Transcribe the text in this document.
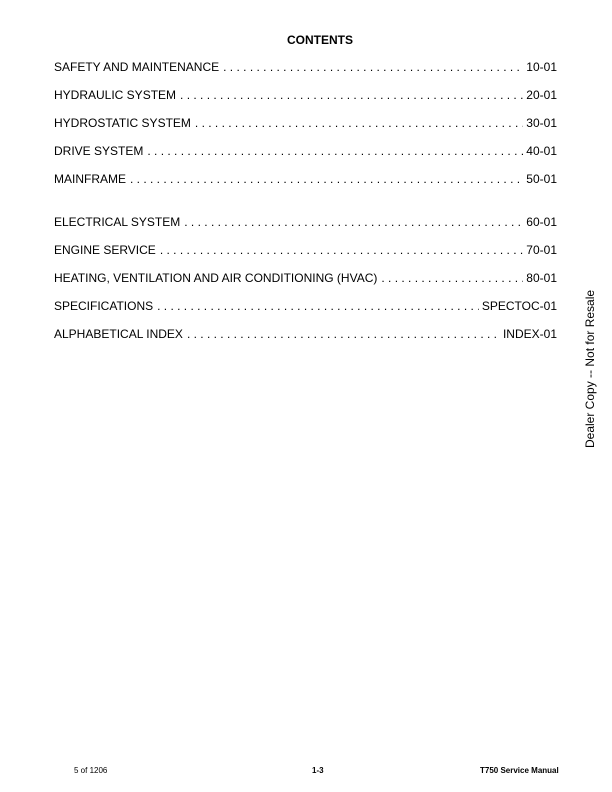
CONTENTS
SAFETY AND MAINTENANCE . . .	10-01
HYDRAULIC SYSTEM . . .	20-01
HYDROSTATIC SYSTEM . . .	30-01
DRIVE SYSTEM . . .	40-01
MAINFRAME . . .	50-01
ELECTRICAL SYSTEM . . .	60-01
ENGINE SERVICE . . .	70-01
HEATING, VENTILATION AND AIR CONDITIONING (HVAC) . . .	80-01
SPECIFICATIONS . . .	SPECTOC-01
ALPHABETICAL INDEX . . .	INDEX-01 Dealer Copy -- Not for Resale
5 of 1206	1-3	T750 Service Manual
